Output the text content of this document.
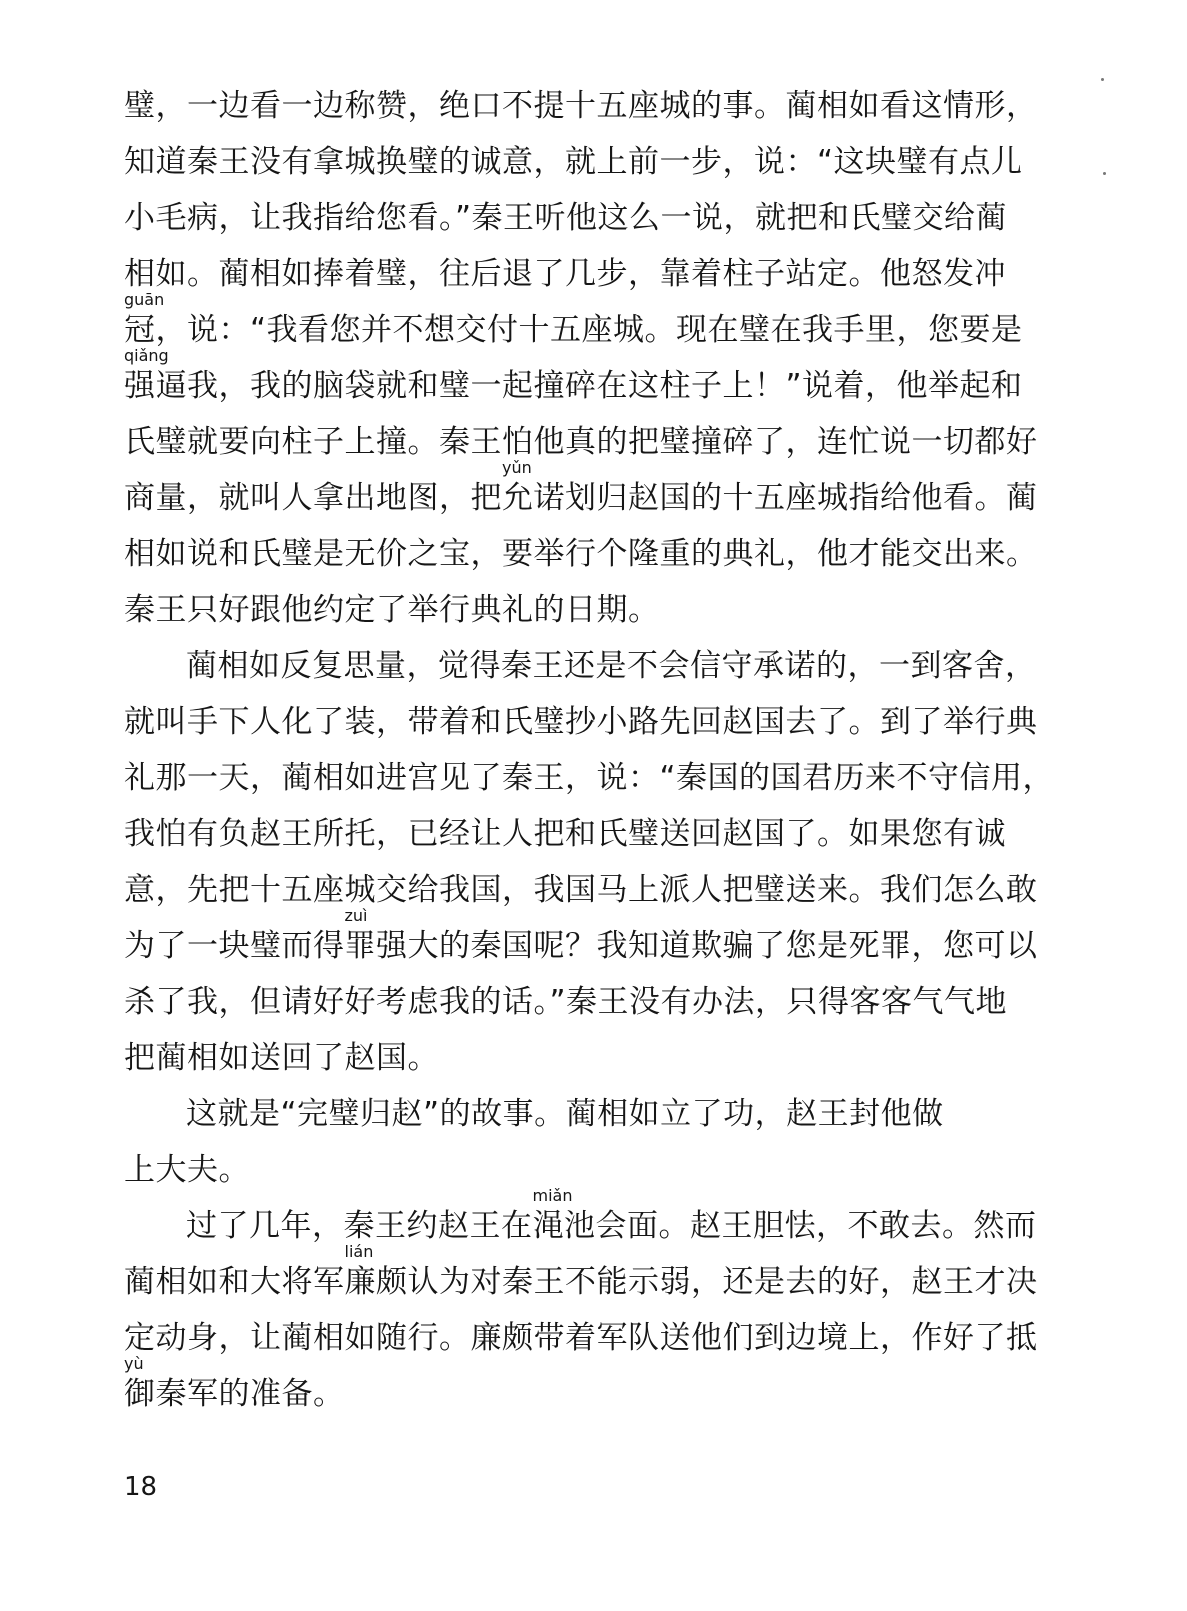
璧，一边看一边称赞，绝口不提十五座城的事。蔺相如看这情形，
知道秦王没有拿城换璧的诚意，就上前一步，说：“这块璧有点儿
小毛病，让我指给您看。”秦王听他这么一说，就把和氏璧交给蔺
相如。蔺相如捧着璧，往后退了几步，靠着柱子站定。他怒发冲
guān
冠，说：“我看您并不想交付十五座城。现在璧在我手里，您要是
qiǎng
强逼我，我的脑袋就和璧一起撞碎在这柱子上！”说着，他举起和
氏璧就要向柱子上撞。秦王怕他真的把璧撞碎了，连忙说一切都好
商量，就叫人拿出地图，把
yǔn
允诺划归赵国的十五座城指给他看。蔺
相如说和氏璧是无价之宝，要举行个隆重的典礼，他才能交出来。
秦王只好跟他约定了举行典礼的日期。
蔺相如反复思量，觉得秦王还是不会信守承诺的，一到客舍，
就叫手下人化了装，带着和氏璧抄小路先回赵国去了。到了举行典
礼那一天，蔺相如进宫见了秦王，说：“秦国的国君历来不守信用，
我怕有负赵王所托，已经让人把和氏璧送回赵国了。如果您有诚
意，先把十五座城交给我国，我国马上派人把璧送来。我们怎么敢
为了一块璧而得
zuì
罪强大的秦国呢？我知道欺骗了您是死罪，您可以
杀了我，但请好好考虑我的话。”秦王没有办法，只得客客气气地
把蔺相如送回了赵国。
这就是“完璧归赵”的故事。蔺相如立了功，赵王封他做
上大夫。
过了几年，秦王约赵王在
miǎn
渑池会面。赵王胆怯，不敢去。然而
蔺相如和大将军
lián
廉颇认为对秦王不能示弱，还是去的好，赵王才决
定动身，让蔺相如随行。廉颇带着军队送他们到边境上，作好了抵
yù
御秦军的准备。
18
